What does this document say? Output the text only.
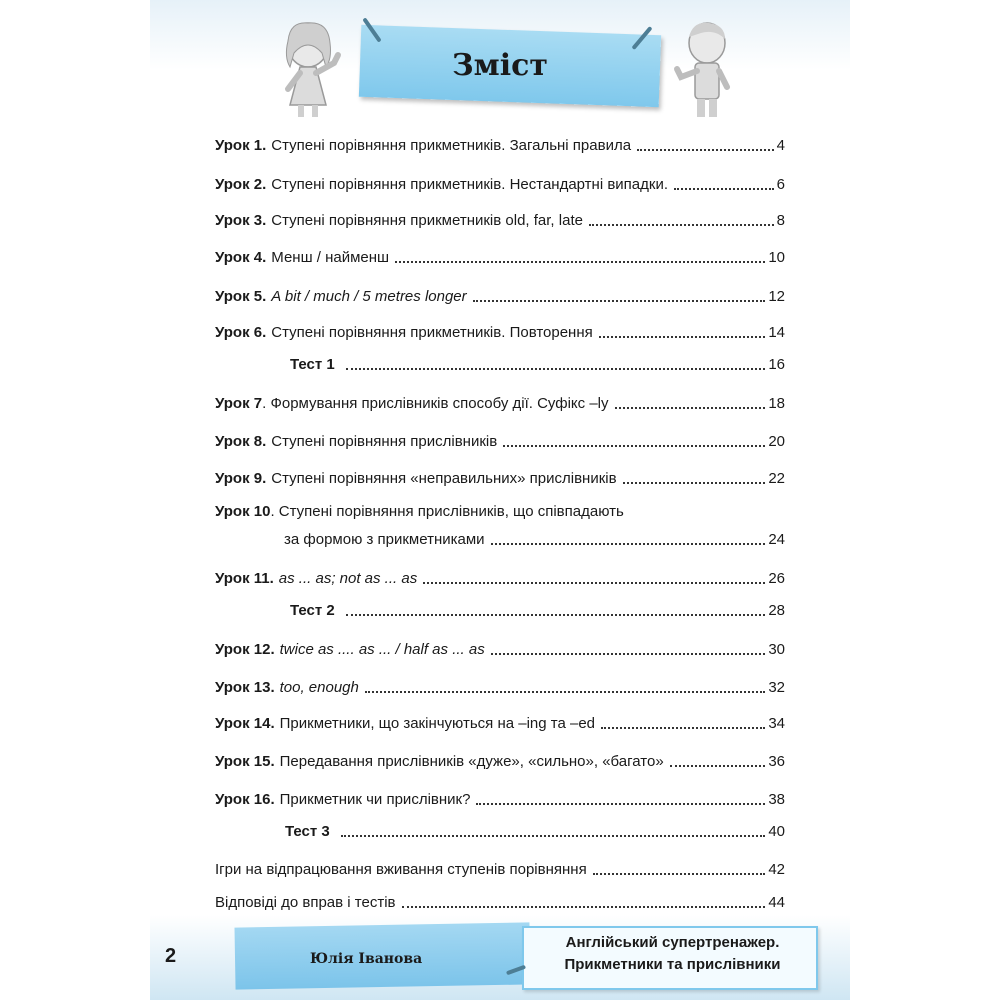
Зміст
Урок 1. Ступені порівняння прикметників. Загальні правила	4
Урок 2. Ступені порівняння прикметників. Нестандартні випадки.	6
Урок 3. Ступені порівняння прикметників old, far, late	8
Урок 4. Менш / найменш	10
Урок 5. A bit / much / 5 metres longer	12
Урок 6. Ступені порівняння прикметників. Повторення	14
Тест 1	16
Урок 7 . Формування прислівників способу дії. Суфікс –ly	18
Урок 8. Ступені порівняння прислівників	20
Урок 9. Ступені порівняння «неправильних» прислівників	22
Урок 10. Ступені порівняння прислівників, що співпадають
за формою з прикметниками	24
Урок 11. as ... as; not as ... as	26
Тест 2	28
Урок 12. twice as .... as ... / half as ... as	30
Урок 13. too, enough	32
Урок 14. Прикметники, що закінчуються на –ing та –ed	34
Урок 15. Передавання прислівників «дуже», «сильно», «багато»	36
Урок 16. Прикметник чи прислівник?	38
Тест 3	40
Ігри на відпрацювання вживання ступенів порівняння	42
Відповіді до вправ і тестів	44
2	Юлія Іванова
Англійський супертренажер.
Прикметники та прислівники
